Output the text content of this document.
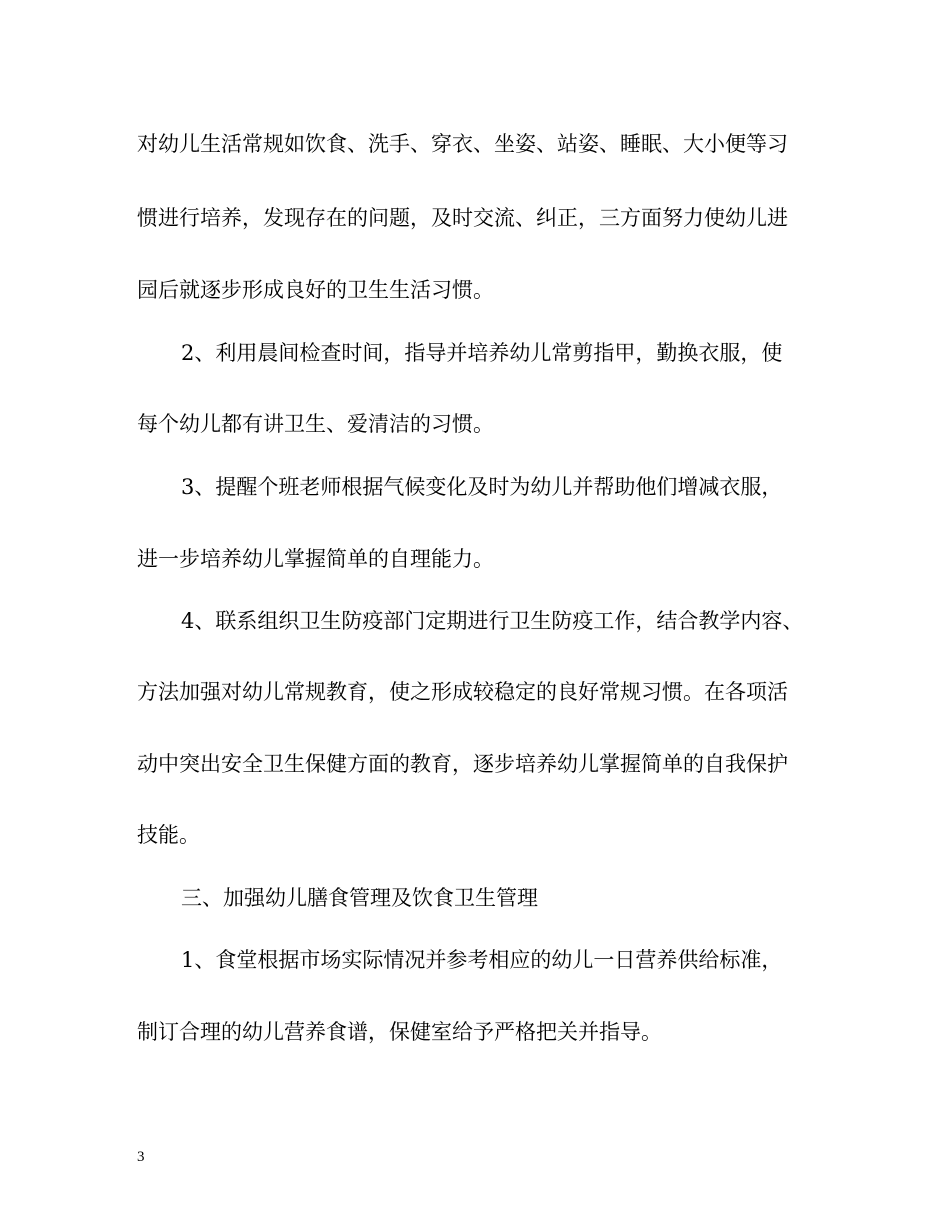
对幼儿生活常规如饮食、洗手、穿衣、坐姿、站姿、睡眠、大小便等习
惯进行培养，发现存在的问题，及时交流、纠正，三方面努力使幼儿进
园后就逐步形成良好的卫生生活习惯。
2、利用晨间检查时间，指导并培养幼儿常剪指甲，勤换衣服，使
每个幼儿都有讲卫生、爱清洁的习惯。
3、提醒个班老师根据气候变化及时为幼儿并帮助他们增减衣服，
进一步培养幼儿掌握简单的自理能力。
4、联系组织卫生防疫部门定期进行卫生防疫工作，结合教学内容、
方法加强对幼儿常规教育，使之形成较稳定的良好常规习惯。在各项活
动中突出安全卫生保健方面的教育，逐步培养幼儿掌握简单的自我保护
技能。
三、加强幼儿膳食管理及饮食卫生管理
1、食堂根据市场实际情况并参考相应的幼儿一日营养供给标准，
制订合理的幼儿营养食谱，保健室给予严格把关并指导。
3
